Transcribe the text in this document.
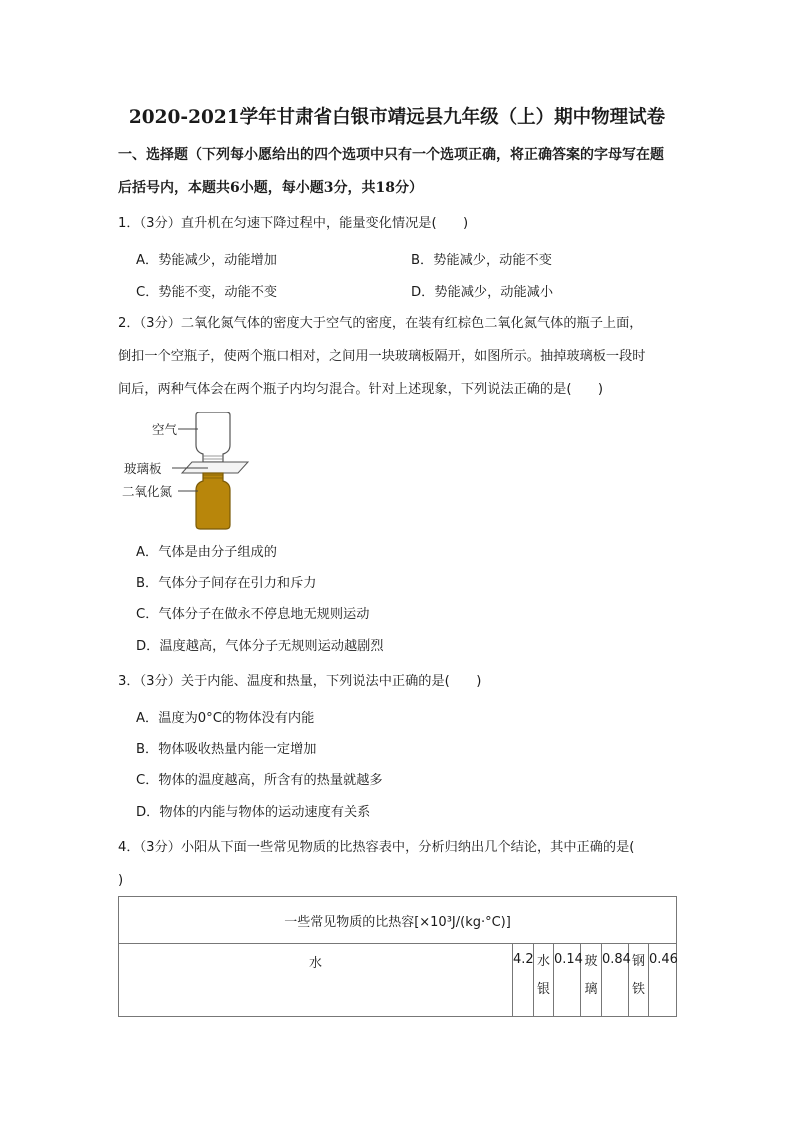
2020-2021学年甘肃省白银市靖远县九年级（上）期中物理试卷
一、选择题（下列每小愿给出的四个选项中只有一个选项正确，将正确答案的字母写在题
后括号内，本题共6小题，每小题3分，共18分）
1．（3分）直升机在匀速下降过程中，能量变化情况是(　　)
A．势能减少，动能增加	B．势能减少，动能不变
C．势能不变，动能不变	D．势能减少，动能减小
2．（3分）二氧化氮气体的密度大于空气的密度，在装有红棕色二氧化氮气体的瓶子上面，
倒扣一个空瓶子，使两个瓶口相对，之间用一块玻璃板隔开，如图所示。抽掉玻璃板一段时
间后，两种气体会在两个瓶子内均匀混合。针对上述现象，下列说法正确的是(　　)
空气
玻璃板
二氧化氮
A．气体是由分子组成的
B．气体分子间存在引力和斥力
C．气体分子在做永不停息地无规则运动
D．温度越高，气体分子无规则运动越剧烈
3．（3分）关于内能、温度和热量，下列说法中正确的是(　　)
A．温度为0°C的物体没有内能
B．物体吸收热量内能一定增加
C．物体的温度越高，所含有的热量就越多
D．物体的内能与物体的运动速度有关系
4．（3分）小阳从下面一些常见物质的比热容表中，分析归纳出几个结论，其中正确的是(
)
一些常见物质的比热容[×10³J/(kg·°C)]
水	4.2	水银	0.14	玻璃	0.84	钢铁	0.46
